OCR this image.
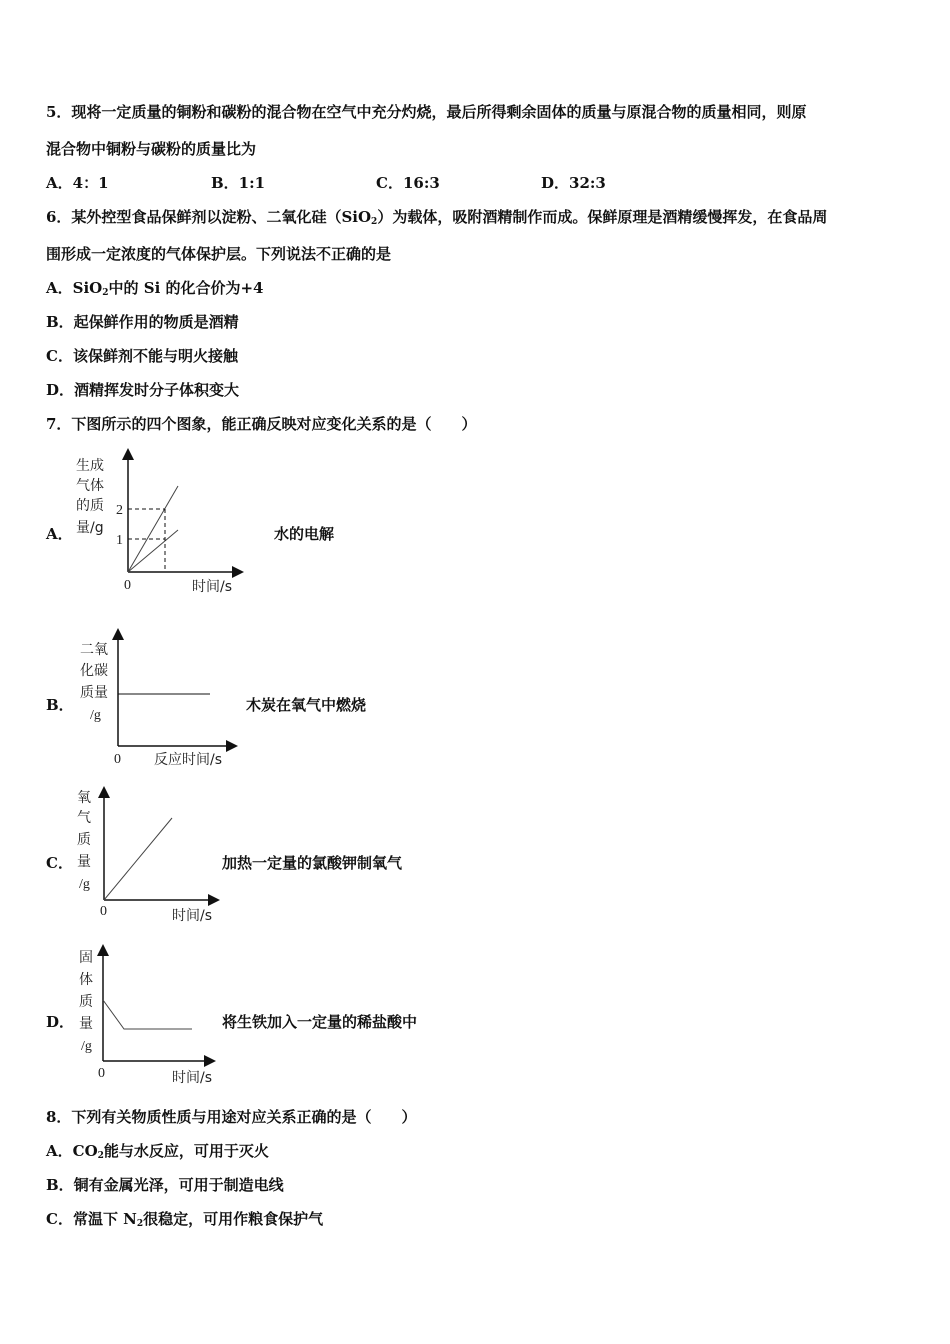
5．现将一定质量的铜粉和碳粉的混合物在空气中充分灼烧，最后所得剩余固体的质量与原混合物的质量相同，则原
混合物中铜粉与碳粉的质量比为
A．4：1	B．1:1	C．16:3	D．32:3
6．某外控型食品保鲜剂以淀粉、二氧化硅（SiO$_2$）为载体，吸附酒精制作而成。保鲜原理是酒精缓慢挥发，在食品周
围形成一定浓度的气体保护层。下列说法不正确的是
A．SiO$_2$中的 Si 的化合价为+4
B．起保鲜作用的物质是酒精
C．该保鲜剂不能与明火接触
D．酒精挥发时分子体积变大
7．下图所示的四个图象，能正确反映对应变化关系的是（　　）
A．
2
1
0
生成
气体
的质
量/g
时间/s
水的电解
B．
二氧
化碳
质量
/g
0 反应时间/s
木炭在氧气中燃烧
C．
氧
气
质
量
/g
0	时间/s
加热一定量的氯酸钾制氧气
D．
固
体
质
量
/g
0	时间/s
将生铁加入一定量的稀盐酸中
8．下列有关物质性质与用途对应关系正确的是（　　）
A．$CO_2$能与水反应，可用于灭火
B．铜有金属光泽，可用于制造电线
C．常温下 $N_2$很稳定，可用作粮食保护气
